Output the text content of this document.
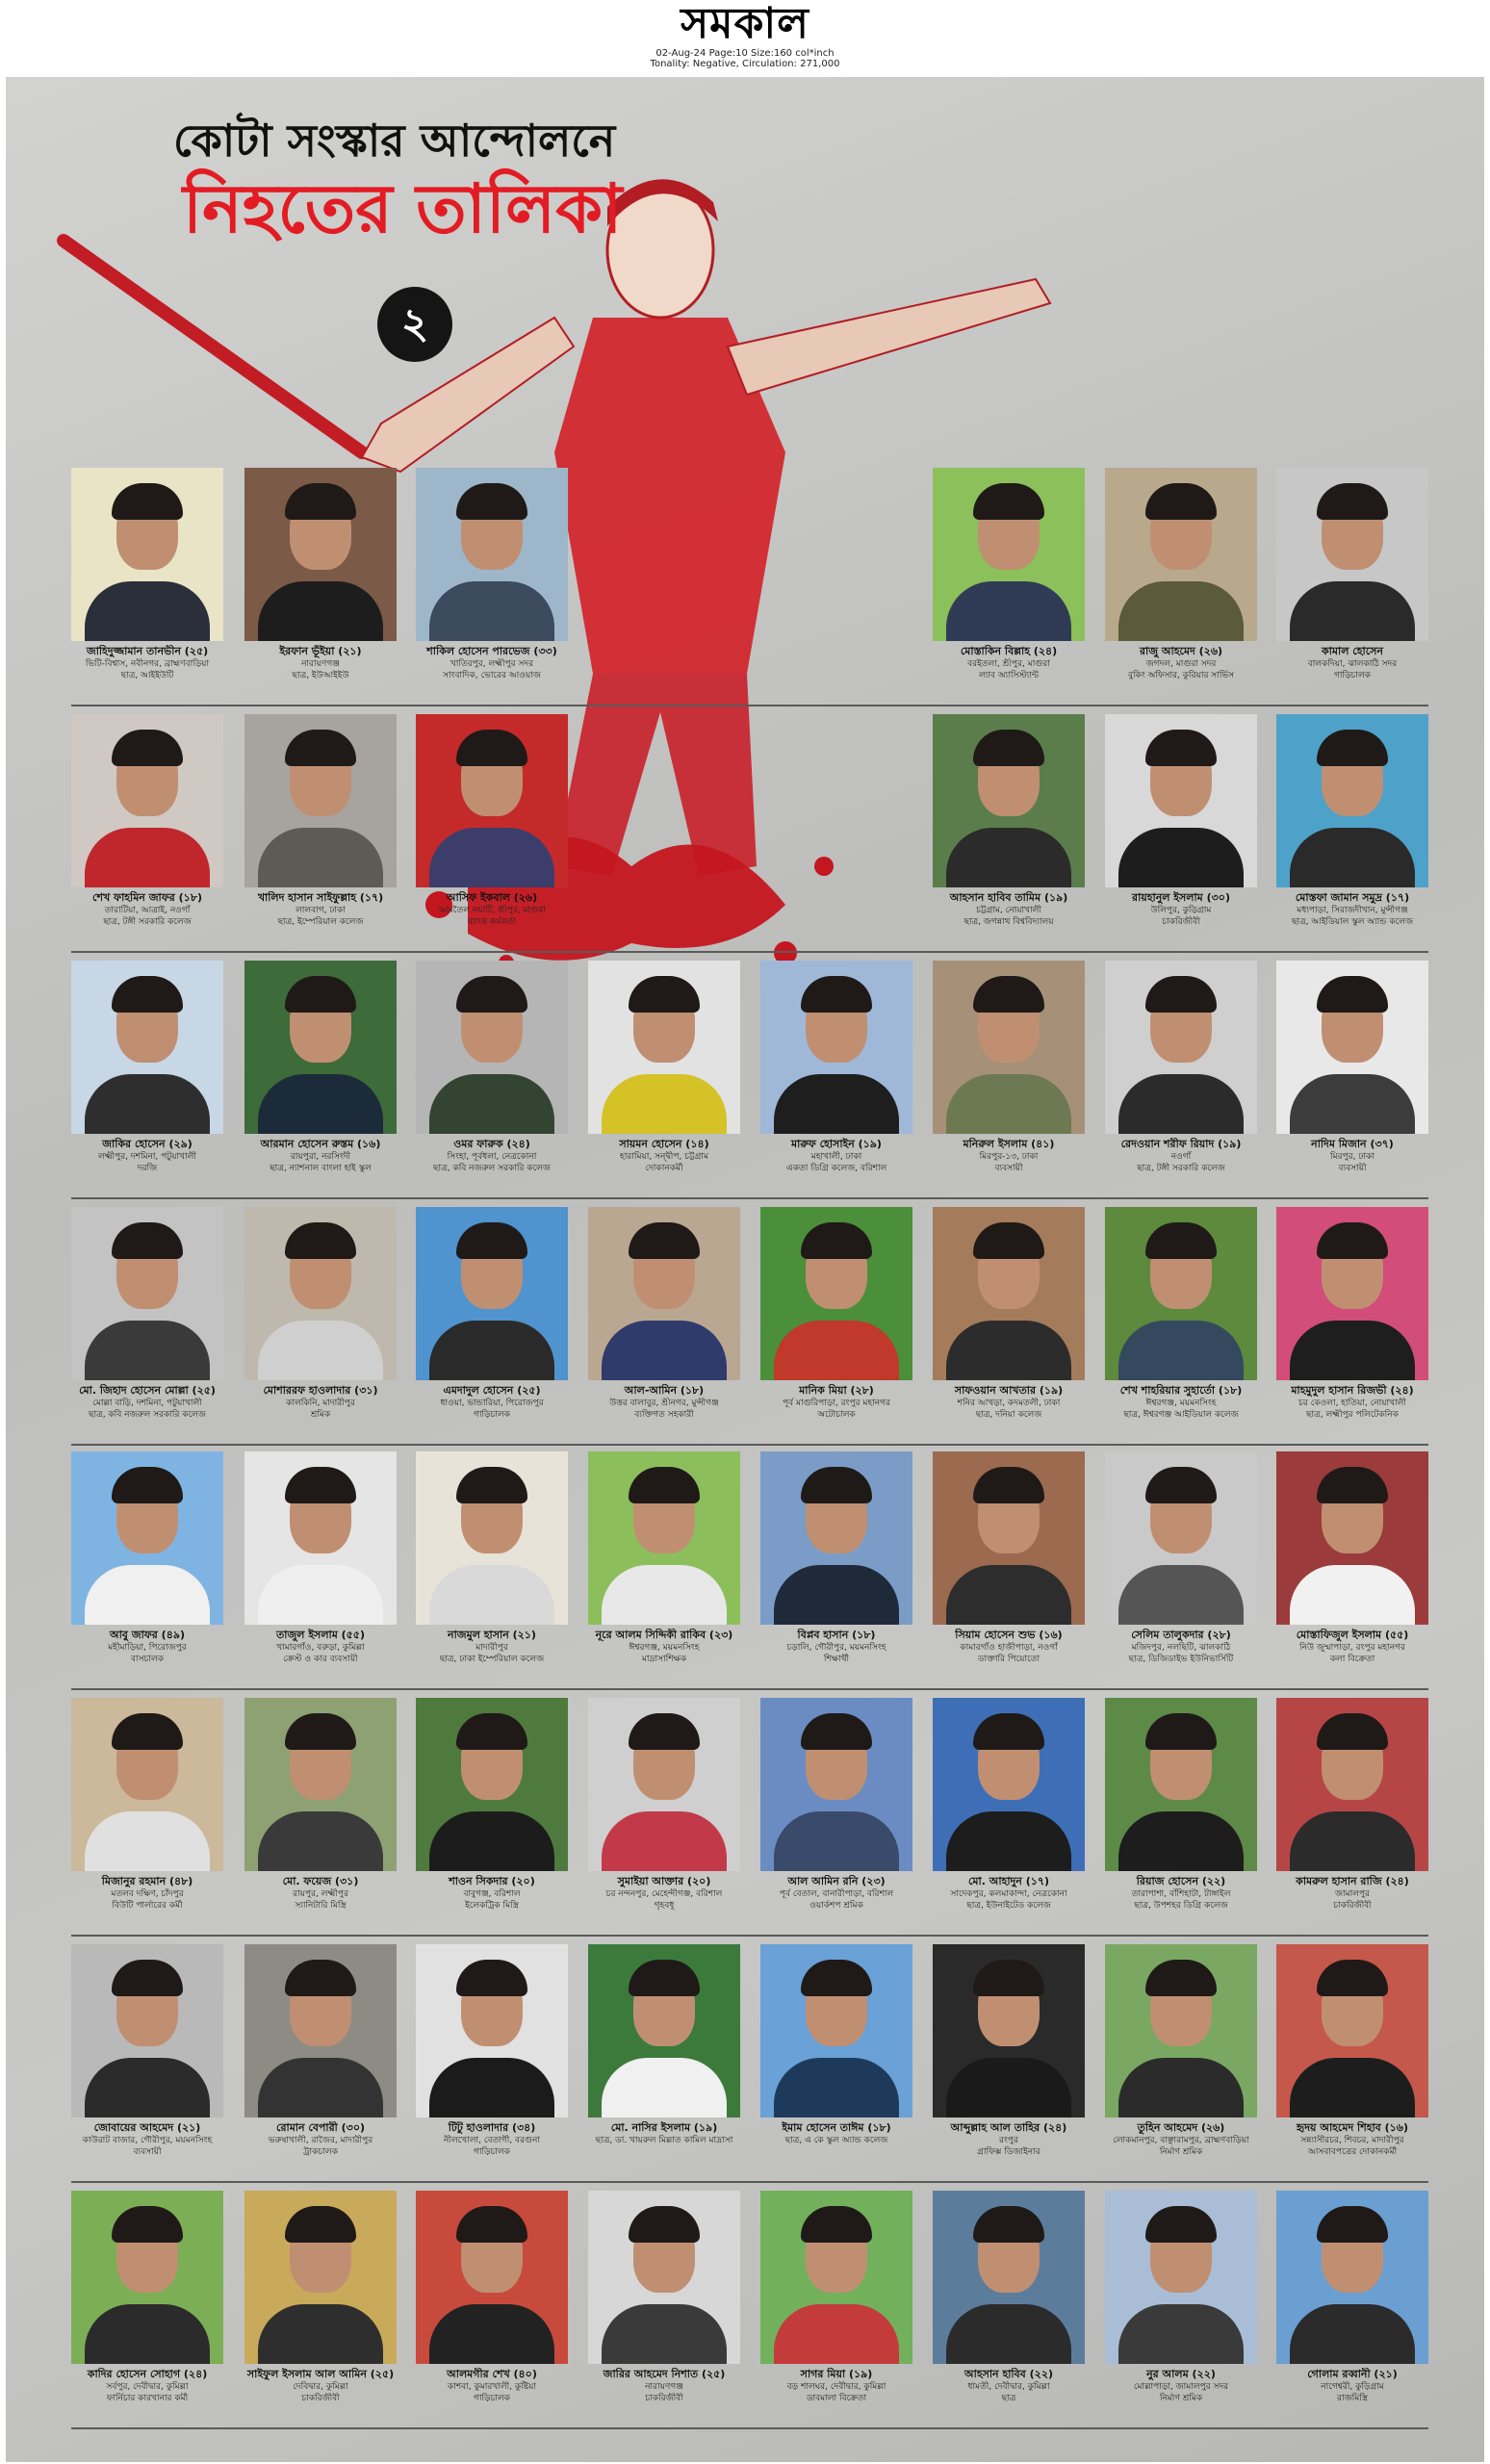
সমকাল
02-Aug-24 Page:10 Size:160 col*inch
Tonality: Negative, Circulation: 271,000
কোটা সংস্কার আন্দোলনে
নিহতের তালিকা
২
জাহিদুজ্জামান তানভীন (২৫)
ভিটি-বিশ্বাস, নবীনগর, ব্রাহ্মণবাড়িয়া
ছাত্র, আইইউটি
ইরফান ভূঁইয়া (২১)
নারায়ণগঞ্জ
ছাত্র, ইউআইইউ
শাকিল হোসেন পারভেজ (৩৩)
খাতিরপুর, লক্ষ্মীপুর সদর
সাংবাদিক, ভোরের আওয়াজ
মোস্তাকিন বিল্লাহ (২৪)
বরইতলা, শ্রীপুর, মাগুরা
ল্যাব অ্যাসিস্ট্যান্ট
রাজু আহমেদ (২৬)
জগদল, মাগুরা সদর
বুকিং অফিসার, কুরিয়ার সার্ভিস
কামাল হোসেন
বালকদিয়া, ঝালকাঠি সদর
গাড়িচালক
শেখ ফাহমিন জাফর (১৮)
তারাটিয়া, আত্রাই, নওগাঁ
ছাত্র, টঙ্গী সরকারি কলেজ
খালিদ হাসান সাইফুল্লাহ (১৭)
লালবাগ, ঢাকা
ছাত্র, ইম্পেরিয়াল কলেজ
আসিফ ইকবাল (২৬)
আমতৈল নয়াটি, শ্রীপুর, মাগুরা
ব্যাংক কর্মকর্তা
আহসান হাবিব তামিম (১৯)
চট্টগ্রাম, নোয়াখালী
ছাত্র, জগন্নাথ বিশ্ববিদ্যালয়
রায়হানুল ইসলাম (৩০)
উলিপুর, কুড়িগ্রাম
চাকরিজীবী
মোস্তফা জামান সমুদ্র (১৭)
মধ্যপাড়া, সিরাজদীখান, মুন্সীগঞ্জ
ছাত্র, আইডিয়াল স্কুল অ্যান্ড কলেজ
জাকির হোসেন (২৯)
লক্ষ্মীপুর, দশমিনা, পটুয়াখালী
দরজি
আরমান হোসেন রুস্তম (১৬)
রায়পুরা, নরসিংদী
ছাত্র, ন্যাশনাল বাংলা হাই স্কুল
ওমর ফারুক (২৪)
সিংহা, পূর্বধলা, নেত্রকোনা
ছাত্র, কবি নজরুল সরকারি কলেজ
সায়মন হোসেন (১৪)
হারামিয়া, সন্দ্বীপ, চট্টগ্রাম
দোকানকর্মী
মারুফ হোসাইন (১৯)
মহাখালী, ঢাকা
একতা ডিগ্রি কলেজ, বরিশাল
মনিরুল ইসলাম (৪১)
মিরপুর-১৩, ঢাকা
ব্যবসায়ী
রেদওয়ান শরীফ রিয়াদ (১৯)
নওগাঁ
ছাত্র, টঙ্গী সরকারি কলেজ
নাদিম মিজান (৩৭)
মিরপুর, ঢাকা
ব্যবসায়ী
মো. জিহাদ হোসেন মোল্লা (২৫)
মোল্লা বাড়ি, দশমিনা, পটুয়াখালী
ছাত্র, কবি নজরুল সরকারি কলেজ
মোশাররফ হাওলাদার (৩১)
কালকিনি, মাদারীপুর
শ্রমিক
এমদাদুল হোসেন (২৫)
ধাওয়া, ভান্ডারিয়া, পিরোজপুর
গাড়িচালক
আল-আমিন (১৮)
উত্তর বালাবুর, শ্রীনগর, মুন্সীগঞ্জ
ব্যক্তিগত সহকারী
মানিক মিয়া (২৮)
পূর্ব মাগুরিপাড়া, রংপুর মহানগর
অটোচালক
সাফওয়ান আখতার (১৯)
শনির আখড়া, কদমতলী, ঢাকা
ছাত্র, দনিয়া কলেজ
শেখ শাহরিয়ার সুহার্তো (১৮)
ঈশ্বরগঞ্জ, ময়মনসিংহ
ছাত্র, ঈশ্বরগঞ্জ আইডিয়াল কলেজ
মাহমুদুল হাসান রিজভী (২৪)
চর কেওলা, হাতিয়া, নোয়াখালী
ছাত্র, লক্ষ্মীপুর পলিটেকনিক
আবু জাফর (৪৯)
মহীমাড়িয়া, পিরোজপুর
বাসচালক
তাজুল ইসলাম (৫৫)
খামারগাঁও, বরুড়া, কুমিল্লা
ক্রেস্ট ও কার ব্যবসায়ী
নাজমুল হাসান (২১)
মাদারীপুর
ছাত্র, ঢাকা ইম্পেরিয়াল কলেজ
নূরে আলম সিদ্দিকী রাকিব (২৩)
ঈশ্বরগঞ্জ, ময়মনসিংহ
মাদ্রাসাশিক্ষক
বিপ্লব হাসান (১৮)
চড়ালি, গৌরীপুর, ময়মনসিংহ
শিক্ষার্থী
সিয়াম হোসেন শুভ (১৬)
কামারগাঁও হাজীপাড়া, নওগাঁ
ডাক্তারি পিয়োতো
সেলিম তালুকদার (২৮)
মজিদপুর, নলছিটি, ঝালকাঠি
ছাত্র, ডিজিডাইভ ইউনিভার্সিটি
মোস্তাফিজুল ইসলাম (৫৫)
নিউ জুম্মাপাড়া, রংপুর মহানগর
কলা বিক্রেতা
মিজানুর রহমান (৪৮)
মতলব দক্ষিণ, চাঁদপুর
বিউটি পার্লারের কর্মী
মো. ফয়েজ (৩১)
রায়পুর, লক্ষ্মীপুর
স্যানিটারি মিস্ত্রি
শাওন সিকদার (২০)
বাবুগঞ্জ, বরিশাল
ইলেকট্রিক মিস্ত্রি
সুমাইয়া আক্তার (২০)
চর নন্দনপুর, মেহেন্দীগঞ্জ, বরিশাল
গৃহবধূ
আল আমিন রনি (২৩)
পূর্ব বেতাল, বানারীপাড়া, বরিশাল
ওয়ার্কশপ শ্রমিক
মো. আহাদুন (১৭)
সাদেকপুর, কলমাকান্দা, নেত্রকোনা
ছাত্র, ইউনাইটেড কলেজ
রিয়াজ হোসেন (২২)
তারাপাশা, বাঁশিহাটা, টাঙ্গাইল
ছাত্র, উপশহর ডিগ্রি কলেজ
কামরুল হাসান রাজি (২৪)
জামালপুর
চাকরিজীবী
জোবায়ের আহমেদ (২১)
কাউরাট বাজার, গৌরীপুর, ময়মনসিংহ
ব্যবসায়ী
রোমান বেপারী (৩০)
ভরুষাখালী, রাজৈর, মাদারীপুর
ট্রাকচালক
টিটু হাওলাদার (৩৪)
নীলখোলা, বেতাগী, বরগুনা
গাড়িচালক
মো. নাসির ইসলাম (১৯)
ছাত্র, ডা. খায়রুল মিল্লাত কামিল মাদ্রাসা
ইমাম হোসেন তাঈম (১৮)
ছাত্র, এ কে স্কুল অ্যান্ড কলেজ
আব্দুল্লাহ আল তাহির (২৪)
রংপুর
গ্রাফিক্স ডিজাইনার
তুহিন আহমেদ (২৬)
লোকমানপুর, বাঞ্ছারামপুর, ব্রাহ্মণবাড়িয়া
নির্মাণ শ্রমিক
হৃদয় আহমেদ শিহাব (১৬)
সন্ন্যাসীরচর, শিবচর, মাদারীপুর
আসবাবপত্রের দোকানকর্মী
কাদির হোসেন সোহাগ (২৪)
সর্বপুর, দেবীদ্বার, কুমিল্লা
ফার্নিচার কারখানার কর্মী
সাইফুল ইসলাম আল আমিন (২৫)
দেবিদ্বার, কুমিল্লা
চাকরিজীবী
আলমগীর শেখ (৪০)
কাশবা, কুমারখালী, কুষ্টিয়া
গাড়িচালক
জারির আহমেদ নিশাত (২৫)
নারায়ণগঞ্জ
চাকরিজীবী
সাগর মিয়া (১৯)
বড় শালঘর, দেবীদ্বার, কুমিল্লা
ডাবমালা বিক্রেতা
আহসান হাবিব (২২)
ধামতী, দেবীদ্বার, কুমিল্লা
ছাত্র
নুর আলম (২২)
মোল্লাপাড়া, জামালপুর সদর
নির্মাণ শ্রমিক
গোলাম রব্বানী (২১)
নাগেশ্বরী, কুড়িগ্রাম
রাজমিস্ত্রি
